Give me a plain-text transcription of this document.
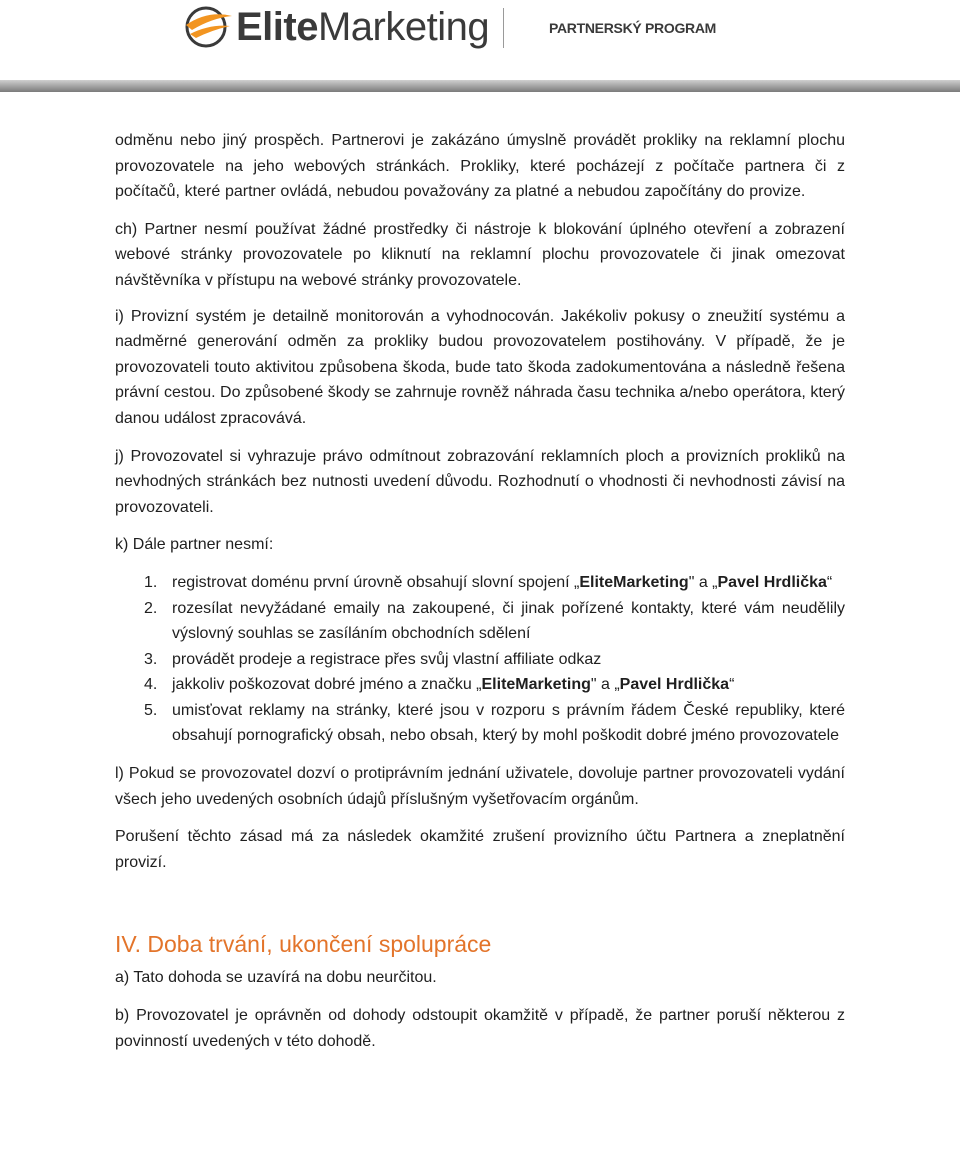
EliteMarketing	PARTNERSKÝ PROGRAM

odměnu nebo jiný prospěch. Partnerovi je zakázáno úmyslně provádět prokliky na reklamní plochu provozovatele na jeho webových stránkách. Prokliky, které pocházejí z počítače partnera či z počítačů, které partner ovládá, nebudou považovány za platné a nebudou započítány do provize.

ch) Partner nesmí používat žádné prostředky či nástroje k blokování úplného otevření a zobrazení webové stránky provozovatele po kliknutí na reklamní plochu provozovatele či jinak omezovat návštěvníka v přístupu na webové stránky provozovatele.

i) Provizní systém je detailně monitorován a vyhodnocován. Jakékoliv pokusy o zneužití systému a nadměrné generování odměn za prokliky budou provozovatelem postihovány. V případě, že je provozovateli touto aktivitou způsobena škoda, bude tato škoda zadokumentována a následně řešena právní cestou. Do způsobené škody se zahrnuje rovněž náhrada času technika a/nebo operátora, který danou událost zpracovává.

j) Provozovatel si vyhrazuje právo odmítnout zobrazování reklamních ploch a provizních prokliků na nevhodných stránkách bez nutnosti uvedení důvodu. Rozhodnutí o vhodnosti či nevhodnosti závisí na provozovateli.

k) Dále partner nesmí:

1. registrovat doménu první úrovně obsahují slovní spojení „EliteMarketing" a „Pavel Hrdlička“
2. rozesílat nevyžádané emaily na zakoupené, či jinak pořízené kontakty, které vám neudělily výslovný souhlas se zasíláním obchodních sdělení
3. provádět prodeje a registrace přes svůj vlastní affiliate odkaz
4. jakkoliv poškozovat dobré jméno a značku „EliteMarketing" a „Pavel Hrdlička“
5. umisťovat reklamy na stránky, které jsou v rozporu s právním řádem České republiky, které obsahují pornografický obsah, nebo obsah, který by mohl poškodit dobré jméno provozovatele

l) Pokud se provozovatel dozví o protiprávním jednání uživatele, dovoluje partner provozovateli vydání všech jeho uvedených osobních údajů příslušným vyšetřovacím orgánům.

Porušení těchto zásad má za následek okamžité zrušení provizního účtu Partnera a zneplatnění provizí.

IV. Doba trvání, ukončení spolupráce

a) Tato dohoda se uzavírá na dobu neurčitou.

b) Provozovatel je oprávněn od dohody odstoupit okamžitě v případě, že partner poruší některou z povinností uvedených v této dohodě.
